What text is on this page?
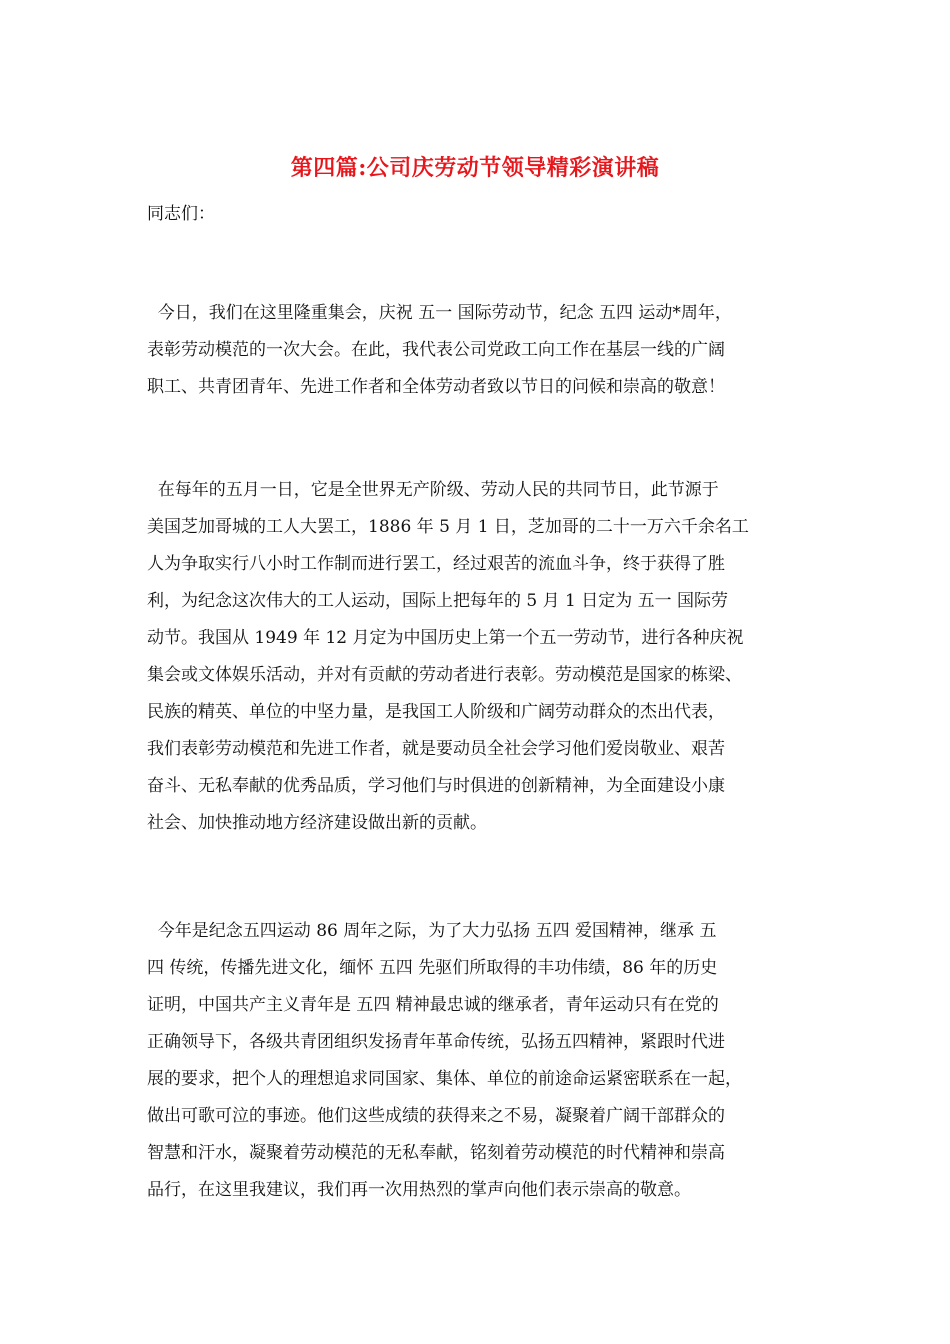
第四篇:公司庆劳动节领导精彩演讲稿
同志们：
今日，我们在这里隆重集会，庆祝 五一 国际劳动节，纪念 五四 运动*周年，
表彰劳动模范的一次大会。在此，我代表公司党政工向工作在基层一线的广阔
职工、共青团青年、先进工作者和全体劳动者致以节日的问候和崇高的敬意！
在每年的五月一日，它是全世界无产阶级、劳动人民的共同节日，此节源于
美国芝加哥城的工人大罢工，1886 年 5 月 1 日，芝加哥的二十一万六千余名工
人为争取实行八小时工作制而进行罢工，经过艰苦的流血斗争，终于获得了胜
利，为纪念这次伟大的工人运动，国际上把每年的 5 月 1 日定为 五一 国际劳
动节。我国从 1949 年 12 月定为中国历史上第一个五一劳动节，进行各种庆祝
集会或文体娱乐活动，并对有贡献的劳动者进行表彰。劳动模范是国家的栋梁、
民族的精英、单位的中坚力量，是我国工人阶级和广阔劳动群众的杰出代表，
我们表彰劳动模范和先进工作者，就是要动员全社会学习他们爱岗敬业、艰苦
奋斗、无私奉献的优秀品质，学习他们与时俱进的创新精神，为全面建设小康
社会、加快推动地方经济建设做出新的贡献。
今年是纪念五四运动 86 周年之际，为了大力弘扬 五四 爱国精神，继承 五
四 传统，传播先进文化，缅怀 五四 先驱们所取得的丰功伟绩，86 年的历史
证明，中国共产主义青年是 五四 精神最忠诚的继承者，青年运动只有在党的
正确领导下，各级共青团组织发扬青年革命传统，弘扬五四精神，紧跟时代进
展的要求，把个人的理想追求同国家、集体、单位的前途命运紧密联系在一起，
做出可歌可泣的事迹。他们这些成绩的获得来之不易，凝聚着广阔干部群众的
智慧和汗水，凝聚着劳动模范的无私奉献，铭刻着劳动模范的时代精神和崇高
品行，在这里我建议，我们再一次用热烈的掌声向他们表示崇高的敬意。
